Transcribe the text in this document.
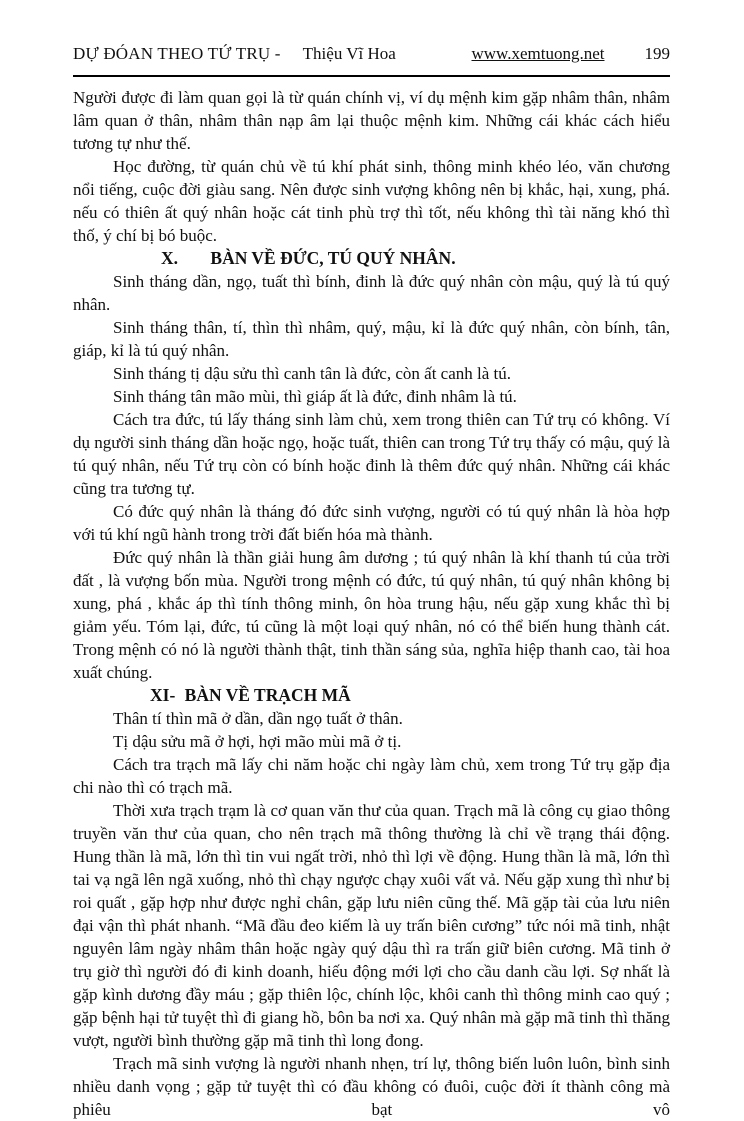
DỰ ĐÓAN THEO TỨ TRỤ - Thiệu Vĩ Hoa	www.xemtuong.net 199

Người được đi làm quan gọi là từ quán chính vị, ví dụ mệnh kim gặp nhâm thân, nhâm lâm quan ở thân, nhâm thân nạp âm lại thuộc mệnh kim. Những cái khác cách hiểu tương tự như thế.

Học đường, từ quán chủ về tú khí phát sinh, thông minh khéo léo, văn chương nổi tiếng, cuộc đời giàu sang. Nên được sinh vượng không nên bị khắc, hại, xung, phá. nếu có thiên ất quý nhân hoặc cát tinh phù trợ thì tốt, nếu không thì tài năng khó thì thố, ý chí bị bó buộc.

X. BÀN VỀ ĐỨC, TÚ QUÝ NHÂN.

Sinh tháng dần, ngọ, tuất thì bính, đinh là đức quý nhân còn mậu, quý là tú quý nhân.

Sinh tháng thân, tí, thìn thì nhâm, quý, mậu, kỉ là đức quý nhân, còn bính, tân, giáp, kỉ là tú quý nhân.

Sinh tháng tị dậu sửu thì canh tân là đức, còn ất canh là tú.

Sinh tháng tân mão mùi, thì giáp ất là đức, đinh nhâm là tú.

Cách tra đức, tú lấy tháng sinh làm chủ, xem trong thiên can Tứ trụ có không. Ví dụ người sinh tháng dần hoặc ngọ, hoặc tuất, thiên can trong Tứ trụ thấy có mậu, quý là tú quý nhân, nếu Tứ trụ còn có bính hoặc đinh là thêm đức quý nhân. Những cái khác cũng tra tương tự.

Có đức quý nhân là tháng đó đức sinh vượng, người có tú quý nhân là hòa hợp với tú khí ngũ hành trong trời đất biến hóa mà thành.

Đức quý nhân là thần giải hung âm dương ; tú quý nhân là khí thanh tú của trời đất , là vượng bốn mùa. Người trong mệnh có đức, tú quý nhân, tú quý nhân không bị xung, phá , khắc áp thì tính thông minh, ôn hòa trung hậu, nếu gặp xung khắc thì bị giảm yếu. Tóm lại, đức, tú cũng là một loại quý nhân, nó có thể biến hung thành cát. Trong mệnh có nó là người thành thật, tinh thần sáng sủa, nghĩa hiệp thanh cao, tài hoa xuất chúng.

XI- BÀN VỀ TRẠCH MÃ

Thân tí thìn mã ở dần, dần ngọ tuất ở thân.

Tị dậu sửu mã ở hợi, hợi mão mùi mã ở tị.

Cách tra trạch mã lấy chi năm hoặc chi ngày làm chủ, xem trong Tứ trụ gặp địa chi nào thì có trạch mã.

Thời xưa trạch trạm là cơ quan văn thư của quan. Trạch mã là công cụ giao thông truyền văn thư của quan, cho nên trạch mã thông thường là chỉ về trạng thái động. Hung thần là mã, lớn thì tin vui ngất trời, nhỏ thì lợi về động. Hung thần là mã, lớn thì tai vạ ngã lên ngã xuống, nhỏ thì chạy ngược chạy xuôi vất vả. Nếu gặp xung thì như bị roi quất , gặp hợp như được nghỉ chân, gặp lưu niên cũng thế. Mã gặp tài của lưu niên đại vận thì phát nhanh. “Mã đầu đeo kiếm là uy trấn biên cương” tức nói mã tinh, nhật nguyên lâm ngày nhâm thân hoặc ngày quý dậu thì ra trấn giữ biên cương. Mã tinh ở trụ giờ thì người đó đi kinh doanh, hiếu động mới lợi cho cầu danh cầu lợi. Sợ nhất là gặp kình dương đầy máu ; gặp thiên lộc, chính lộc, khôi canh thì thông minh cao quý ; gặp bệnh hại tử tuyệt thì đi giang hồ, bôn ba nơi xa. Quý nhân mà gặp mã tinh thì thăng vượt, người bình thường gặp mã tinh thì long đong.

Trạch mã sinh vượng là người nhanh nhẹn, trí lự, thông biến luôn luôn, bình sinh nhiều danh vọng ; gặp tử tuyệt thì có đầu không có đuôi, cuộc đời ít thành công mà phiêu bạt vô
